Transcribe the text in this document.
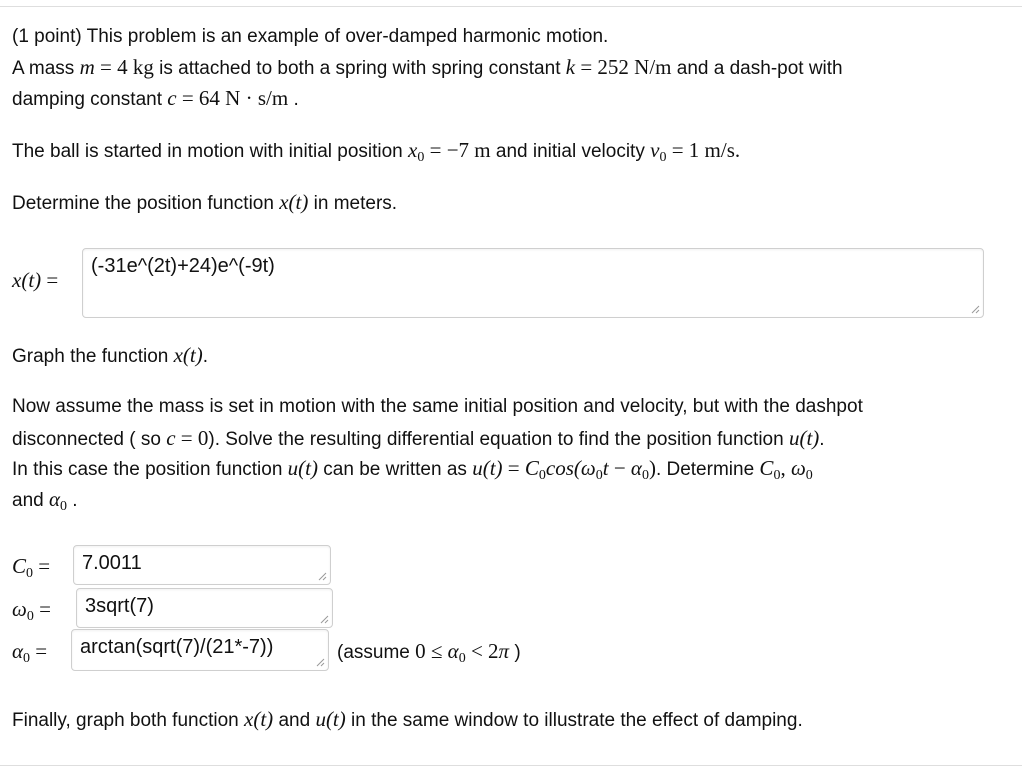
(1 point) This problem is an example of over-damped harmonic motion.
A mass m = 4 kg is attached to both a spring with spring constant k = 252 N/m and a dash-pot with
damping constant c = 64 N · s/m .
The ball is started in motion with initial position $x_0 = -7$ m and initial velocity $v_0 = 1$ m/s.
Determine the position function x(t) in meters.
x(t) =
(-31e^(2t)+24)e^(-9t)
Graph the function x(t).
Now assume the mass is set in motion with the same initial position and velocity, but with the dashpot
disconnected ( so c = 0). Solve the resulting differential equation to find the position function u(t).
In this case the position function u(t) can be written as $u(t) = C_0\cos(\omega_0t - \alpha_0)$. Determine $C_0$, $\omega_0$
and $\alpha_0$ .
$C_0$ =	7.0011
$\omega_0$ =	3sqrt(7)
$\alpha_0$ =	arctan(sqrt(7)/(21*-7))	(assume $0 \le \alpha_0 < 2\pi$ )
Finally, graph both function x(t) and u(t) in the same window to illustrate the effect of damping.
